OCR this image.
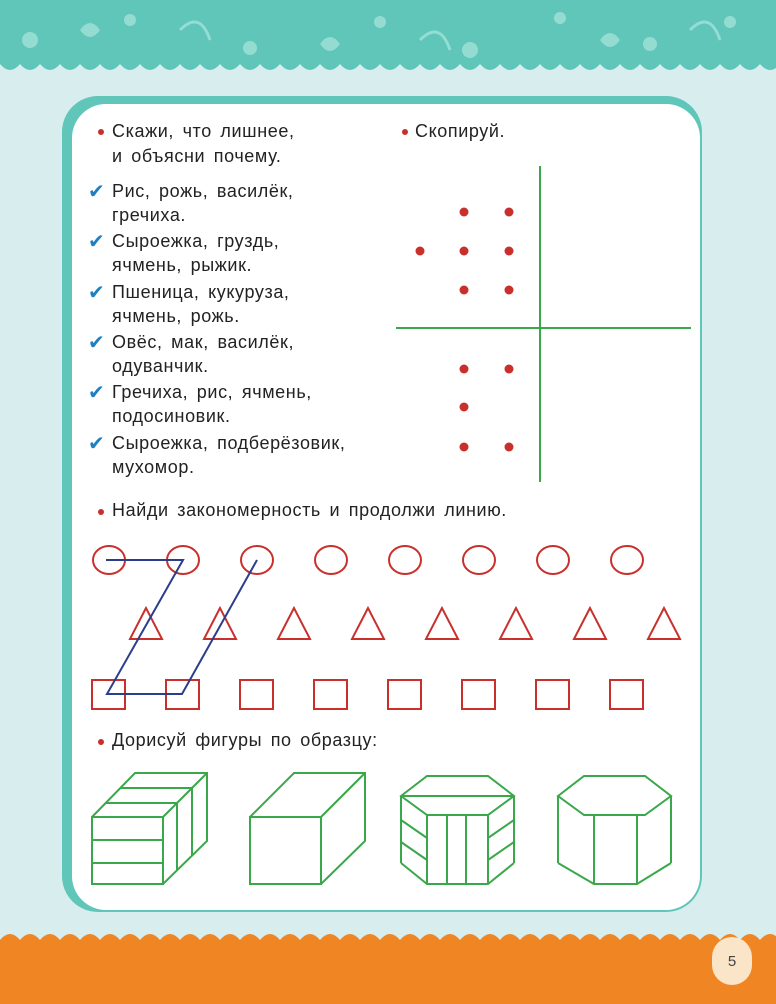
5
Скажи, что лишнее,
и объясни почему.
✔ Рис, рожь, василёк,
гречиха.
✔ Сыроежка, груздь,
ячмень, рыжик.
✔ Пшеница, кукуруза,
ячмень, рожь.
✔ Овёс, мак, василёк,
одуванчик.
✔ Гречиха, рис, ячмень,
подосиновик.
✔ Сыроежка, подберёзовик,
мухомор.
Скопируй.
Найди закономерность и продолжи линию.
Дорисуй фигуры по образцу:
